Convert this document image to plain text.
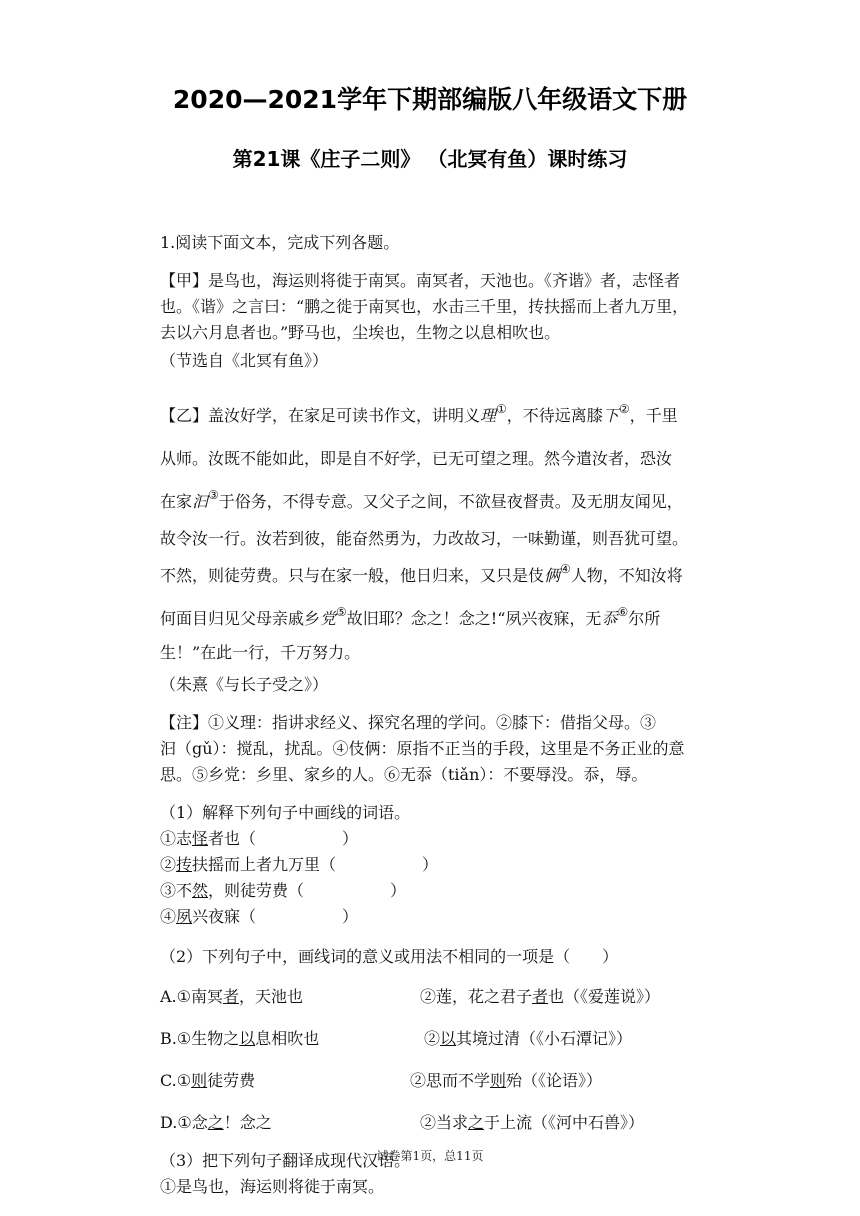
2020—2021学年下期部编版八年级语文下册
第21课《庄子二则》 （北冥有鱼）课时练习
1.阅读下面文本，完成下列各题。
【甲】是鸟也，海运则将徙于南冥。南冥者，天池也。《齐谐》者，志怪者
也。《谐》之言曰：“鹏之徙于南冥也，水击三千里，抟扶摇而上者九万里，
去以六月息者也。”野马也，尘埃也，生物之以息相吹也。
（节选自《北冥有鱼》）
【乙】盖汝好学，在家足可读书作文，讲明义理①，不待远离膝下②，千里
从师。汝既不能如此，即是自不好学，已无可望之理。然今遣汝者，恐汝
在家汩③于俗务，不得专意。又父子之间，不欲昼夜督责。及无朋友闻见，
故令汝一行。汝若到彼，能奋然勇为，力改故习，一味勤谨，则吾犹可望。
不然，则徒劳费。只与在家一般，他日归来，又只是伎俩④人物，不知汝将
何面目归见父母亲戚乡党⑤故旧耶？念之！念之!“夙兴夜寐，无忝⑥尔所
生！”在此一行，千万努力。
（朱熹《与长子受之》）
【注】①义理：指讲求经义、探究名理的学问。②膝下：借指父母。③
汩（gǔ）：搅乱，扰乱。④伎俩：原指不正当的手段，这里是不务正业的意
思。⑤乡党：乡里、家乡的人。⑥无忝（tiǎn）：不要辱没。忝，辱。
（1）解释下列句子中画线的词语。
①志怪者也（	）
②抟扶摇而上者九万里（	）
③不然，则徒劳费（	）
④夙兴夜寐（	）
（2）下列句子中，画线词的意义或用法不相同的一项是（　　）
A.①南冥者，天池也	②莲，花之君子者也（《爱莲说》）
B.①生物之以息相吹也	②以其境过清（《小石潭记》）
C.①则徒劳费	②思而不学则殆（《论语》）
D.①念之！念之	②当求之于上流（《河中石兽》）
（3）把下列句子翻译成现代汉语。
①是鸟也，海运则将徙于南冥。
试卷第1页，总11页
